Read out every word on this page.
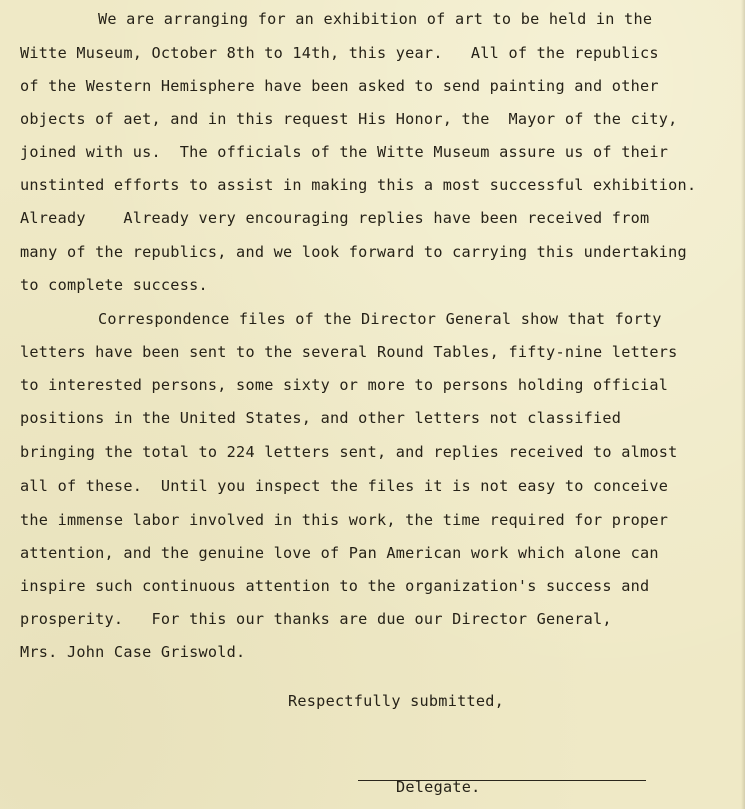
We are arranging for an exhibition of art to be held in the
Witte Museum, October 8th to 14th, this year.   All of the republics
of the Western Hemisphere have been asked to send painting and other
objects of aet, and in this request His Honor, the  Mayor of the city,
joined with us.  The officials of the Witte Museum assure us of their
unstinted efforts to assist in making this a most successful exhibition.
Already    Already very encouraging replies have been received from
many of the republics, and we look forward to carrying this undertaking
to complete success.
Correspondence files of the Director General show that forty
letters have been sent to the several Round Tables, fifty-nine letters
to interested persons, some sixty or more to persons holding official
positions in the United States, and other letters not classified
bringing the total to 224 letters sent, and replies received to almost
all of these.  Until you inspect the files it is not easy to conceive
the immense labor involved in this work, the time required for proper
attention, and the genuine love of Pan American work which alone can
inspire such continuous attention to the organization's success and
prosperity.   For this our thanks are due our Director General,
Mrs. John Case Griswold.
Respectfully submitted,
Delegate.
